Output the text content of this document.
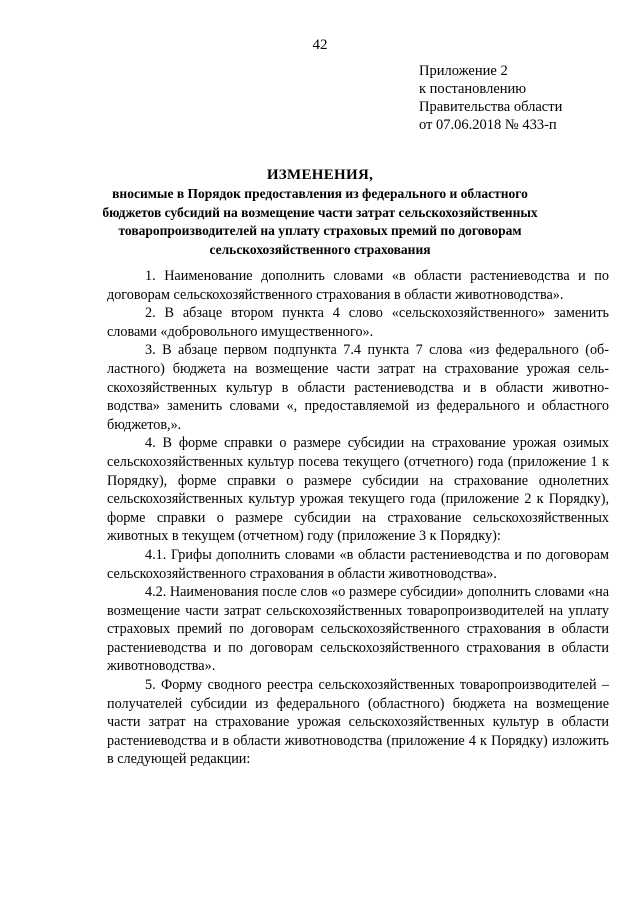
42
Приложение 2
к постановлению
Правительства области
от 07.06.2018 № 433-п
ИЗМЕНЕНИЯ,
вносимые в Порядок предоставления из федерального и областного бюджетов субсидий на возмещение части затрат сельскохозяйственных товаропроизводителей на уплату страховых премий по договорам сельскохозяйственного страхования

1. Наименование дополнить словами «в области растениеводства и по договорам сельскохозяйственного страхования в области животноводства».

2. В абзаце втором пункта 4 слово «сельскохозяйственного» заменить словами «добровольного имущественного».

3. В абзаце первом подпункта 7.4 пункта 7 слова «из федерального (областного) бюджета на возмещение части затрат на страхование урожая сельскохозяйственных культур в области растениеводства и в области животноводства» заменить словами «, предоставляемой из федерального и областного бюджетов,».

4. В форме справки о размере субсидии на страхование урожая озимых сельскохозяйственных культур посева текущего (отчетного) года (приложение 1 к Порядку), форме справки о размере субсидии на страхование однолетних сельскохозяйственных культур урожая текущего года (приложение 2 к Порядку), форме справки о размере субсидии на страхование сельскохозяйственных животных в текущем (отчетном) году (приложение 3 к Порядку):

4.1. Грифы дополнить словами «в области растениеводства и по договорам сельскохозяйственного страхования в области животноводства».

4.2. Наименования после слов «о размере субсидии» дополнить словами «на возмещение части затрат сельскохозяйственных товаропроизводителей на уплату страховых премий по договорам сельскохозяйственного страхования в области растениеводства и по договорам сельскохозяйственного страхования в области животноводства».

5. Форму сводного реестра сельскохозяйственных товаропроизводителей – получателей субсидии из федерального (областного) бюджета на возмещение части затрат на страхование урожая сельскохозяйственных культур в области растениеводства и в области животноводства (приложение 4 к Порядку) изложить в следующей редакции:
